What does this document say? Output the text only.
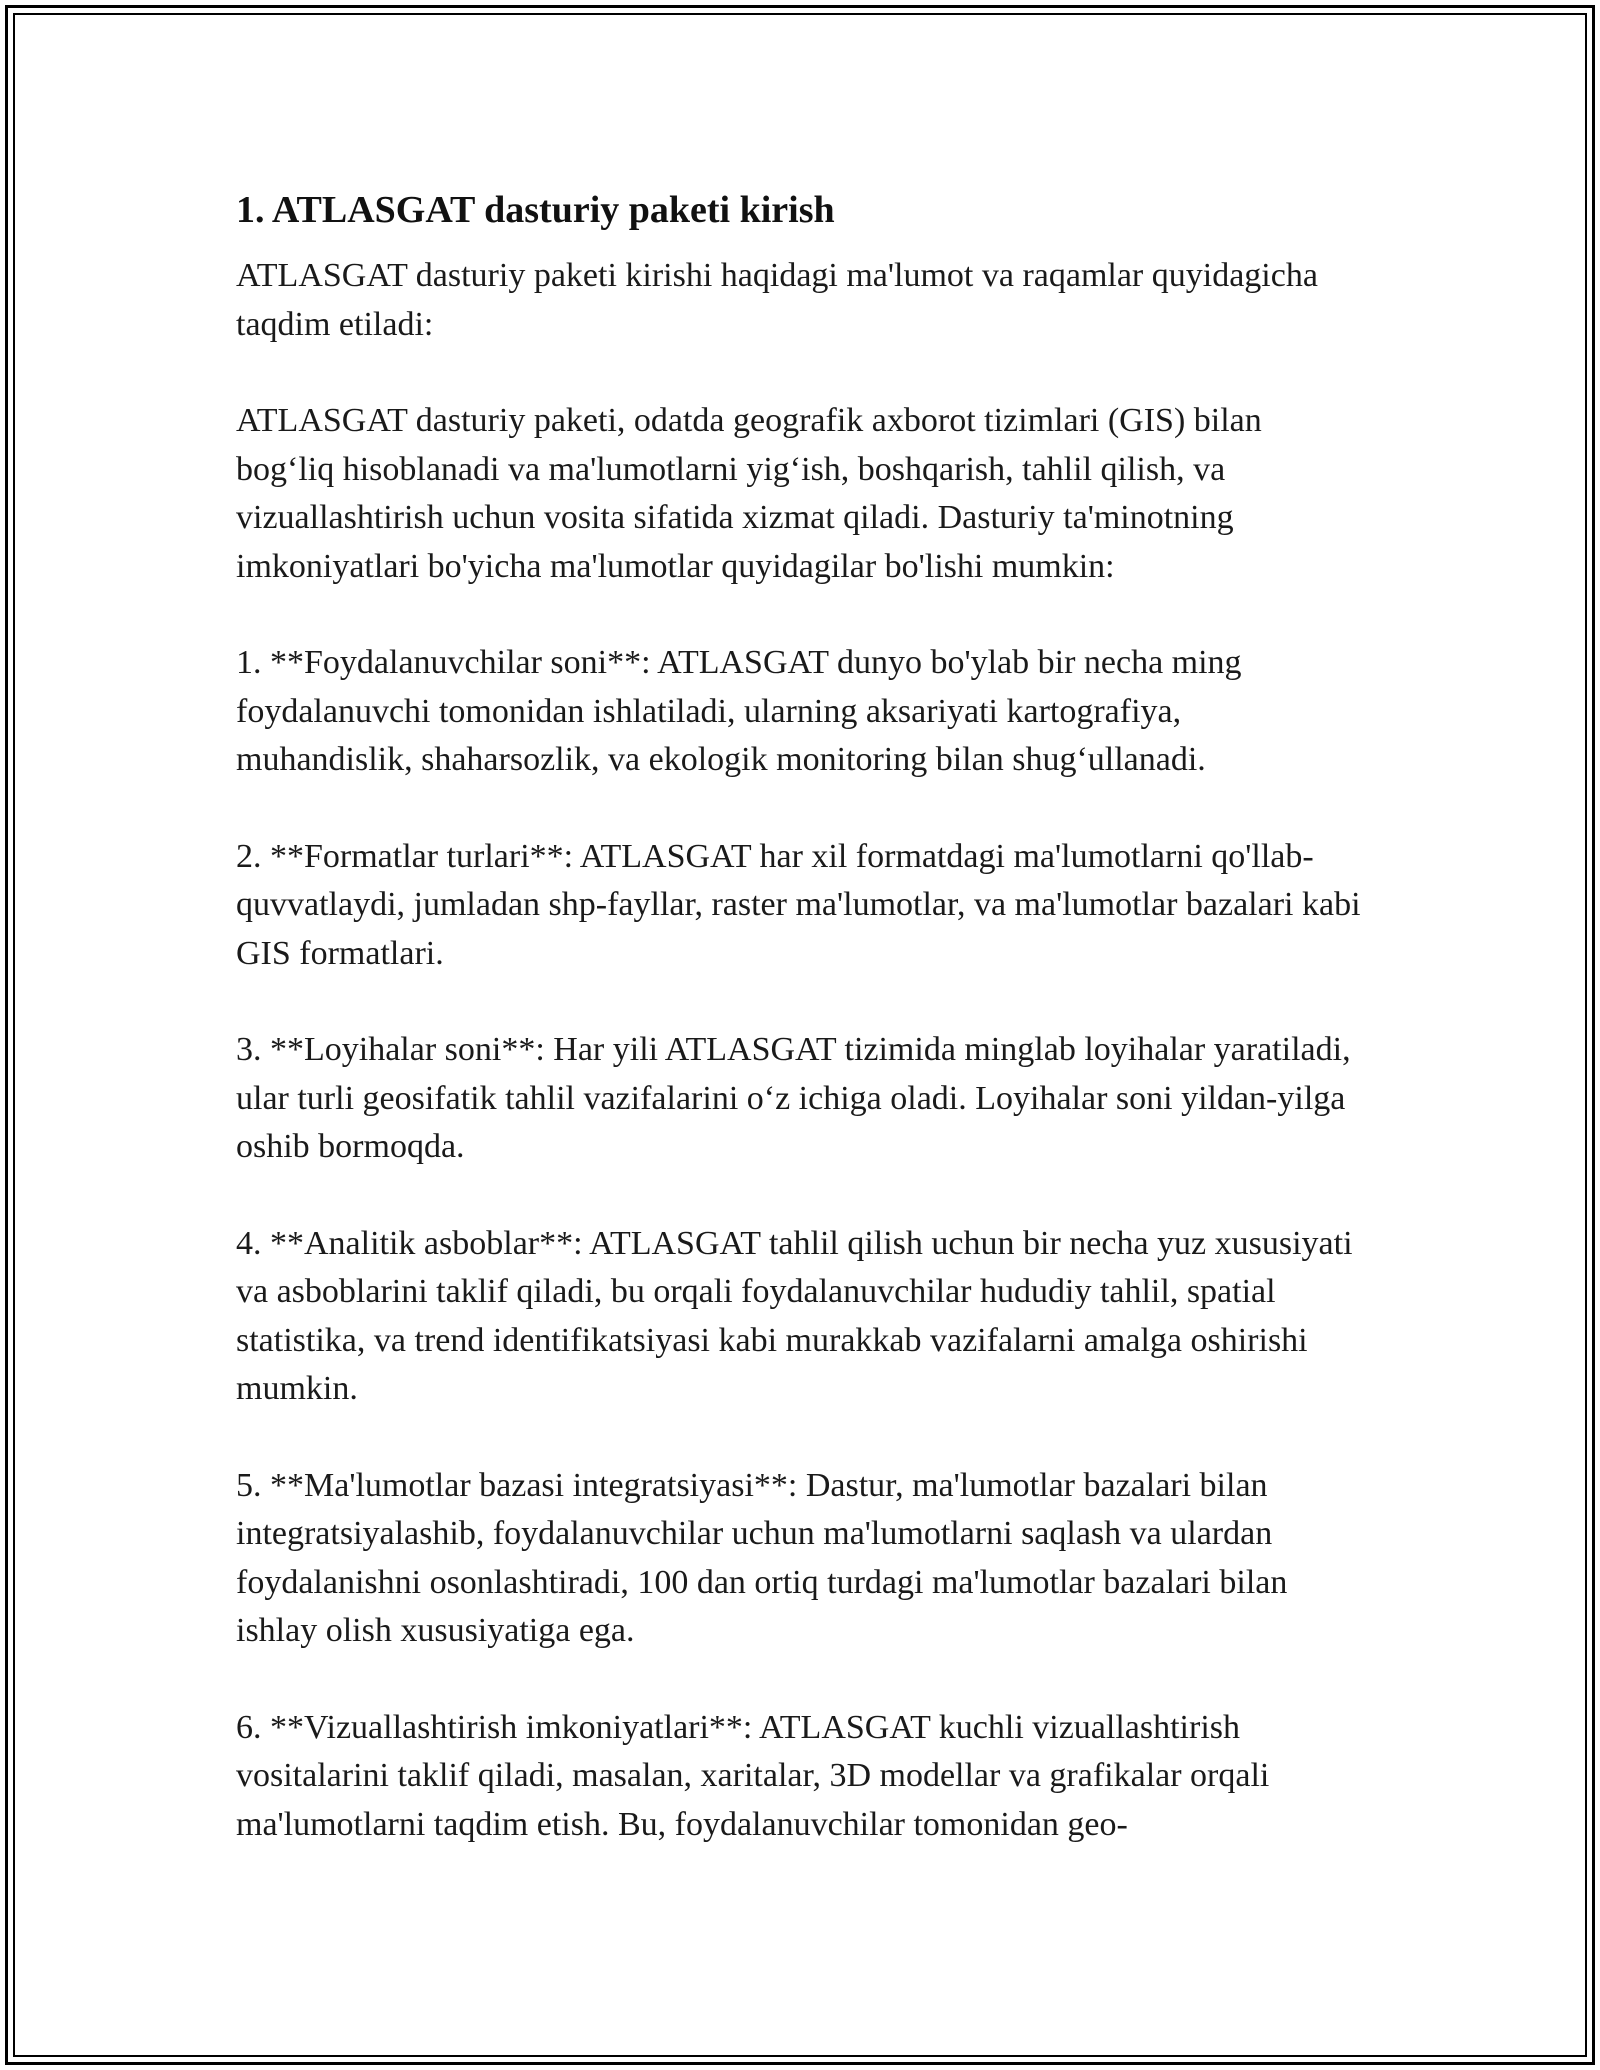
1. ATLASGAT dasturiy paketi kirish

ATLASGAT dasturiy paketi kirishi haqidagi ma'lumot va raqamlar quyidagicha taqdim etiladi:

ATLASGAT dasturiy paketi, odatda geografik axborot tizimlari (GIS) bilan bog‘liq hisoblanadi va ma'lumotlarni yig‘ish, boshqarish, tahlil qilish, va vizuallashtirish uchun vosita sifatida xizmat qiladi. Dasturiy ta'minotning imkoniyatlari bo'yicha ma'lumotlar quyidagilar bo'lishi mumkin:

1. **Foydalanuvchilar soni**: ATLASGAT dunyo bo'ylab bir necha ming foydalanuvchi tomonidan ishlatiladi, ularning aksariyati kartografiya, muhandislik, shaharsozlik, va ekologik monitoring bilan shug‘ullanadi.

2. **Formatlar turlari**: ATLASGAT har xil formatdagi ma'lumotlarni qo'llab-quvvatlaydi, jumladan shp-fayllar, raster ma'lumotlar, va ma'lumotlar bazalari kabi GIS formatlari.

3. **Loyihalar soni**: Har yili ATLASGAT tizimida minglab loyihalar yaratiladi, ular turli geosifatik tahlil vazifalarini o‘z ichiga oladi. Loyihalar soni yildan-yilga oshib bormoqda.

4. **Analitik asboblar**: ATLASGAT tahlil qilish uchun bir necha yuz xususiyati va asboblarini taklif qiladi, bu orqali foydalanuvchilar hududiy tahlil, spatial statistika, va trend identifikatsiyasi kabi murakkab vazifalarni amalga oshirishi mumkin.

5. **Ma'lumotlar bazasi integratsiyasi**: Dastur, ma'lumotlar bazalari bilan integratsiyalashib, foydalanuvchilar uchun ma'lumotlarni saqlash va ulardan foydalanishni osonlashtiradi, 100 dan ortiq turdagi ma'lumotlar bazalari bilan ishlay olish xususiyatiga ega.

6. **Vizuallashtirish imkoniyatlari**: ATLASGAT kuchli vizuallashtirish vositalarini taklif qiladi, masalan, xaritalar, 3D modellar va grafikalar orqali ma'lumotlarni taqdim etish. Bu, foydalanuvchilar tomonidan geo-
